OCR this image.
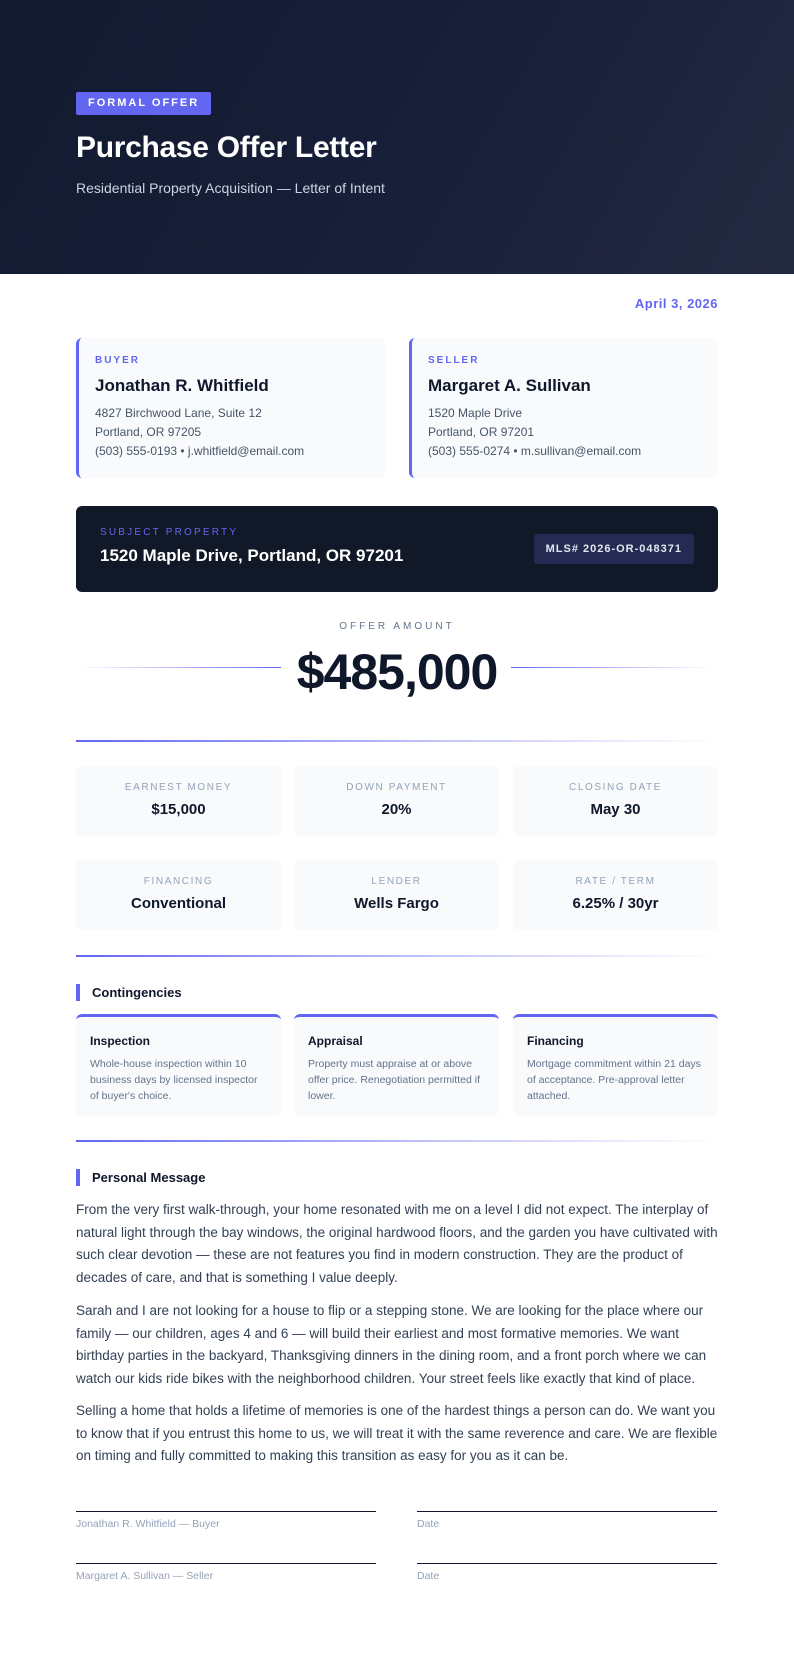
FORMAL OFFER
Purchase Offer Letter
Residential Property Acquisition — Letter of Intent
April 3, 2026
BUYER
Jonathan R. Whitfield
4827 Birchwood Lane, Suite 12
Portland, OR 97205
(503) 555-0193 • j.whitfield@email.com
SELLER
Margaret A. Sullivan
1520 Maple Drive
Portland, OR 97201
(503) 555-0274 • m.sullivan@email.com
SUBJECT PROPERTY
1520 Maple Drive, Portland, OR 97201	MLS# 2026-OR-048371
OFFER AMOUNT
$485,000
EARNEST MONEY
$15,000
DOWN PAYMENT
20%
CLOSING DATE
May 30
FINANCING
Conventional
LENDER
Wells Fargo
RATE / TERM
6.25% / 30yr
Contingencies
Inspection
Whole-house inspection within 10 business days by licensed inspector of buyer's choice.
Appraisal
Property must appraise at or above offer price. Renegotiation permitted if lower.
Financing
Mortgage commitment within 21 days of acceptance. Pre-approval letter attached.
Personal Message
From the very first walk-through, your home resonated with me on a level I did not expect. The interplay of natural light through the bay windows, the original hardwood floors, and the garden you have cultivated with such clear devotion — these are not features you find in modern construction. They are the product of decades of care, and that is something I value deeply.
Sarah and I are not looking for a house to flip or a stepping stone. We are looking for the place where our family — our children, ages 4 and 6 — will build their earliest and most formative memories. We want birthday parties in the backyard, Thanksgiving dinners in the dining room, and a front porch where we can watch our kids ride bikes with the neighborhood children. Your street feels like exactly that kind of place.
Selling a home that holds a lifetime of memories is one of the hardest things a person can do. We want you to know that if you entrust this home to us, we will treat it with the same reverence and care. We are flexible on timing and fully committed to making this transition as easy for you as it can be.
Jonathan R. Whitfield — Buyer	Date
Margaret A. Sullivan — Seller	Date
